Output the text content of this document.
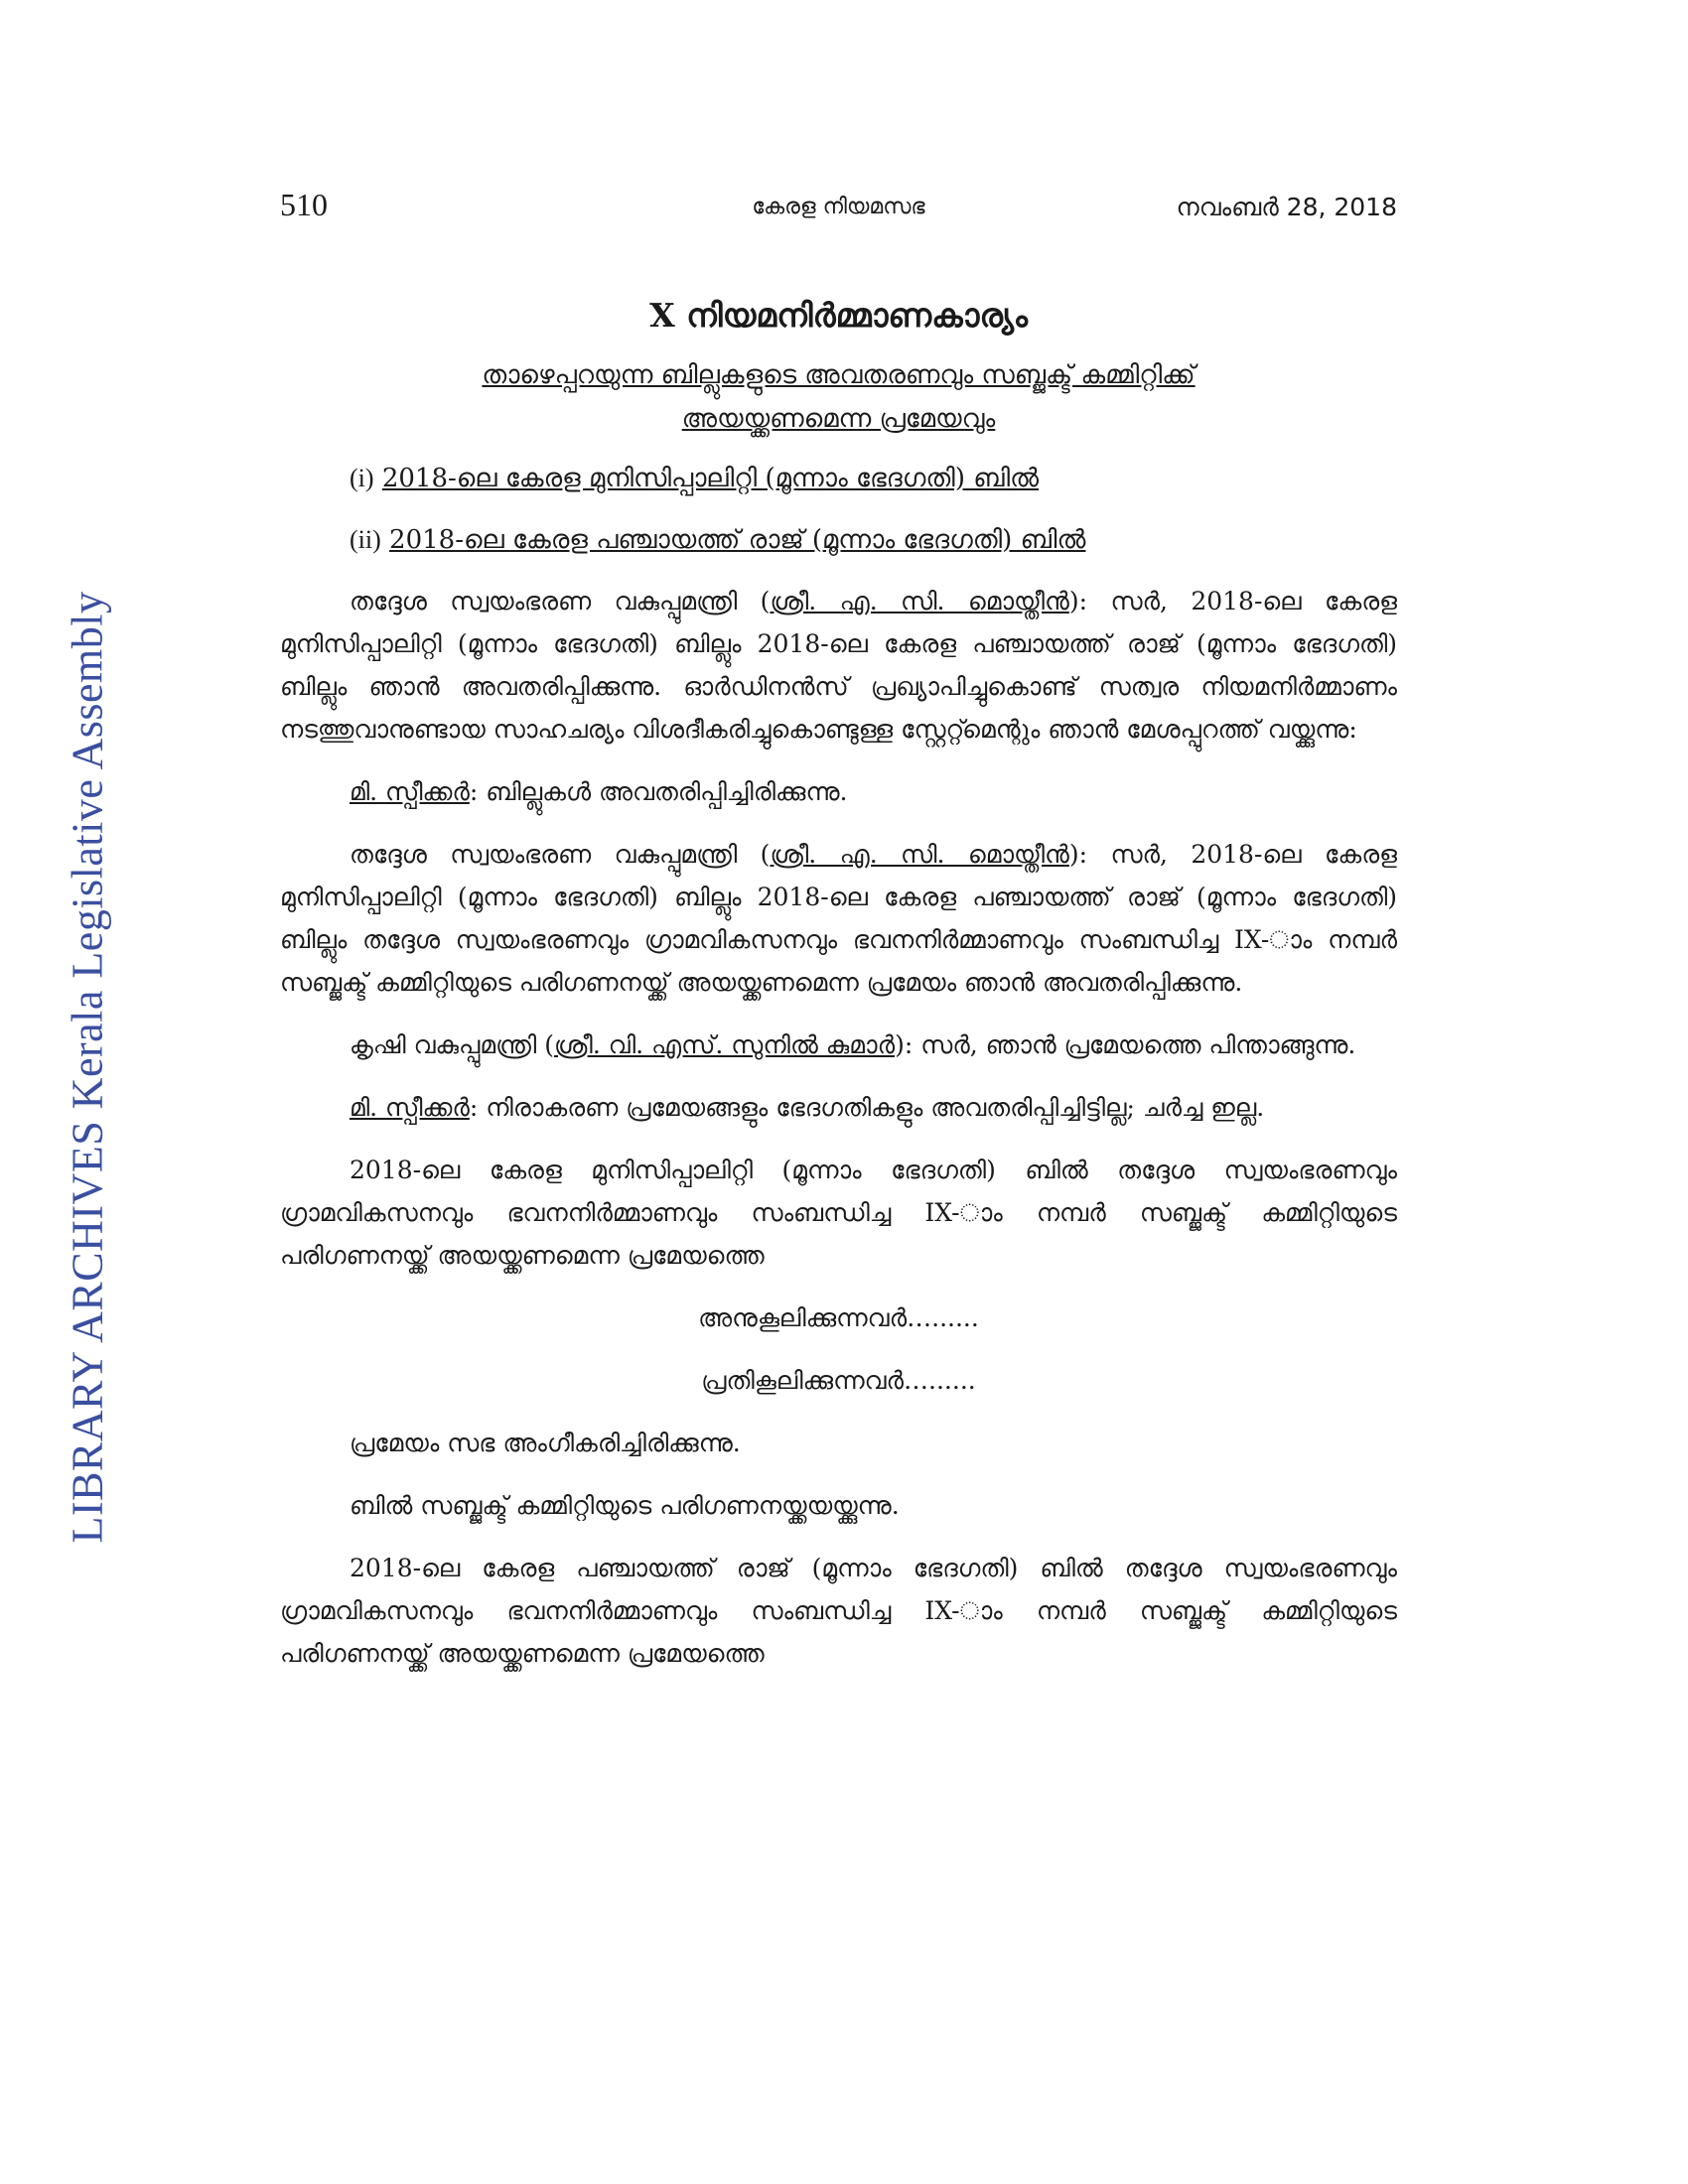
LIBRARY ARCHIVES Kerala Legislative Assembly
510	കേരള നിയമസഭ	നവംബർ 28, 2018
X നിയമനിർമ്മാണകാര്യം
താഴെപ്പറയുന്ന ബില്ലുകളുടെ അവതരണവും സബ്ജക്ട് കമ്മിറ്റിക്ക്
അയയ്ക്കണമെന്ന പ്രമേയവും
(i) 2018-ലെ കേരള മുനിസിപ്പാലിറ്റി (മൂന്നാം ഭേദഗതി) ബിൽ
(ii) 2018-ലെ കേരള പഞ്ചായത്ത് രാജ് (മൂന്നാം ഭേദഗതി) ബിൽ

തദ്ദേശ സ്വയംഭരണ വകുപ്പുമന്ത്രി (ശ്രീ. എ. സി. മൊയ്തീൻ): സർ, 2018-ലെ കേരള മുനിസിപ്പാലിറ്റി (മൂന്നാം ഭേദഗതി) ബില്ലും 2018-ലെ കേരള പഞ്ചായത്ത് രാജ് (മൂന്നാം ഭേദഗതി) ബില്ലും ഞാൻ അവതരിപ്പിക്കുന്നു. ഓർഡിനൻസ് പ്രഖ്യാപിച്ചുകൊണ്ട് സത്വര നിയമനിർമ്മാണം നടത്തുവാനുണ്ടായ സാഹചര്യം വിശദീകരിച്ചുകൊണ്ടുള്ള സ്റ്റേറ്റ്മെന്റും ഞാൻ മേശപ്പുറത്ത് വയ്ക്കുന്നു:

മി. സ്പീക്കർ: ബില്ലുകൾ അവതരിപ്പിച്ചിരിക്കുന്നു.

തദ്ദേശ സ്വയംഭരണ വകുപ്പുമന്ത്രി (ശ്രീ. എ. സി. മൊയ്തീൻ): സർ, 2018-ലെ കേരള മുനിസിപ്പാലിറ്റി (മൂന്നാം ഭേദഗതി) ബില്ലും 2018-ലെ കേരള പഞ്ചായത്ത് രാജ് (മൂന്നാം ഭേദഗതി) ബില്ലും തദ്ദേശ സ്വയംഭരണവും ഗ്രാമവികസനവും ഭവനനിർമ്മാണവും സംബന്ധിച്ച IX-ാം നമ്പർ സബ്ജക്ട് കമ്മിറ്റിയുടെ പരിഗണനയ്ക്ക് അയയ്ക്കണമെന്ന പ്രമേയം ഞാൻ അവതരിപ്പിക്കുന്നു.

കൃഷി വകുപ്പുമന്ത്രി (ശ്രീ. വി. എസ്. സുനിൽ കുമാർ): സർ, ഞാൻ പ്രമേയത്തെ പിന്താങ്ങുന്നു.

മി. സ്പീക്കർ: നിരാകരണ പ്രമേയങ്ങളും ഭേദഗതികളും അവതരിപ്പിച്ചിട്ടില്ല; ചർച്ച ഇല്ല.

2018-ലെ കേരള മുനിസിപ്പാലിറ്റി (മൂന്നാം ഭേദഗതി) ബിൽ തദ്ദേശ സ്വയംഭരണവും ഗ്രാമവികസനവും ഭവനനിർമ്മാണവും സംബന്ധിച്ച IX-ാം നമ്പർ സബ്ജക്ട് കമ്മിറ്റിയുടെ പരിഗണനയ്ക്ക് അയയ്ക്കണമെന്ന പ്രമേയത്തെ

അനുകൂലിക്കുന്നവർ…......
പ്രതികൂലിക്കുന്നവർ…......
പ്രമേയം സഭ അംഗീകരിച്ചിരിക്കുന്നു.
ബിൽ സബ്ജക്ട് കമ്മിറ്റിയുടെ പരിഗണനയ്ക്കയയ്ക്കുന്നു.

2018-ലെ കേരള പഞ്ചായത്ത് രാജ് (മൂന്നാം ഭേദഗതി) ബിൽ തദ്ദേശ സ്വയംഭരണവും ഗ്രാമവികസനവും ഭവനനിർമ്മാണവും സംബന്ധിച്ച IX-ാം നമ്പർ സബ്ജക്ട് കമ്മിറ്റിയുടെ പരിഗണനയ്ക്ക് അയയ്ക്കണമെന്ന പ്രമേയത്തെ
